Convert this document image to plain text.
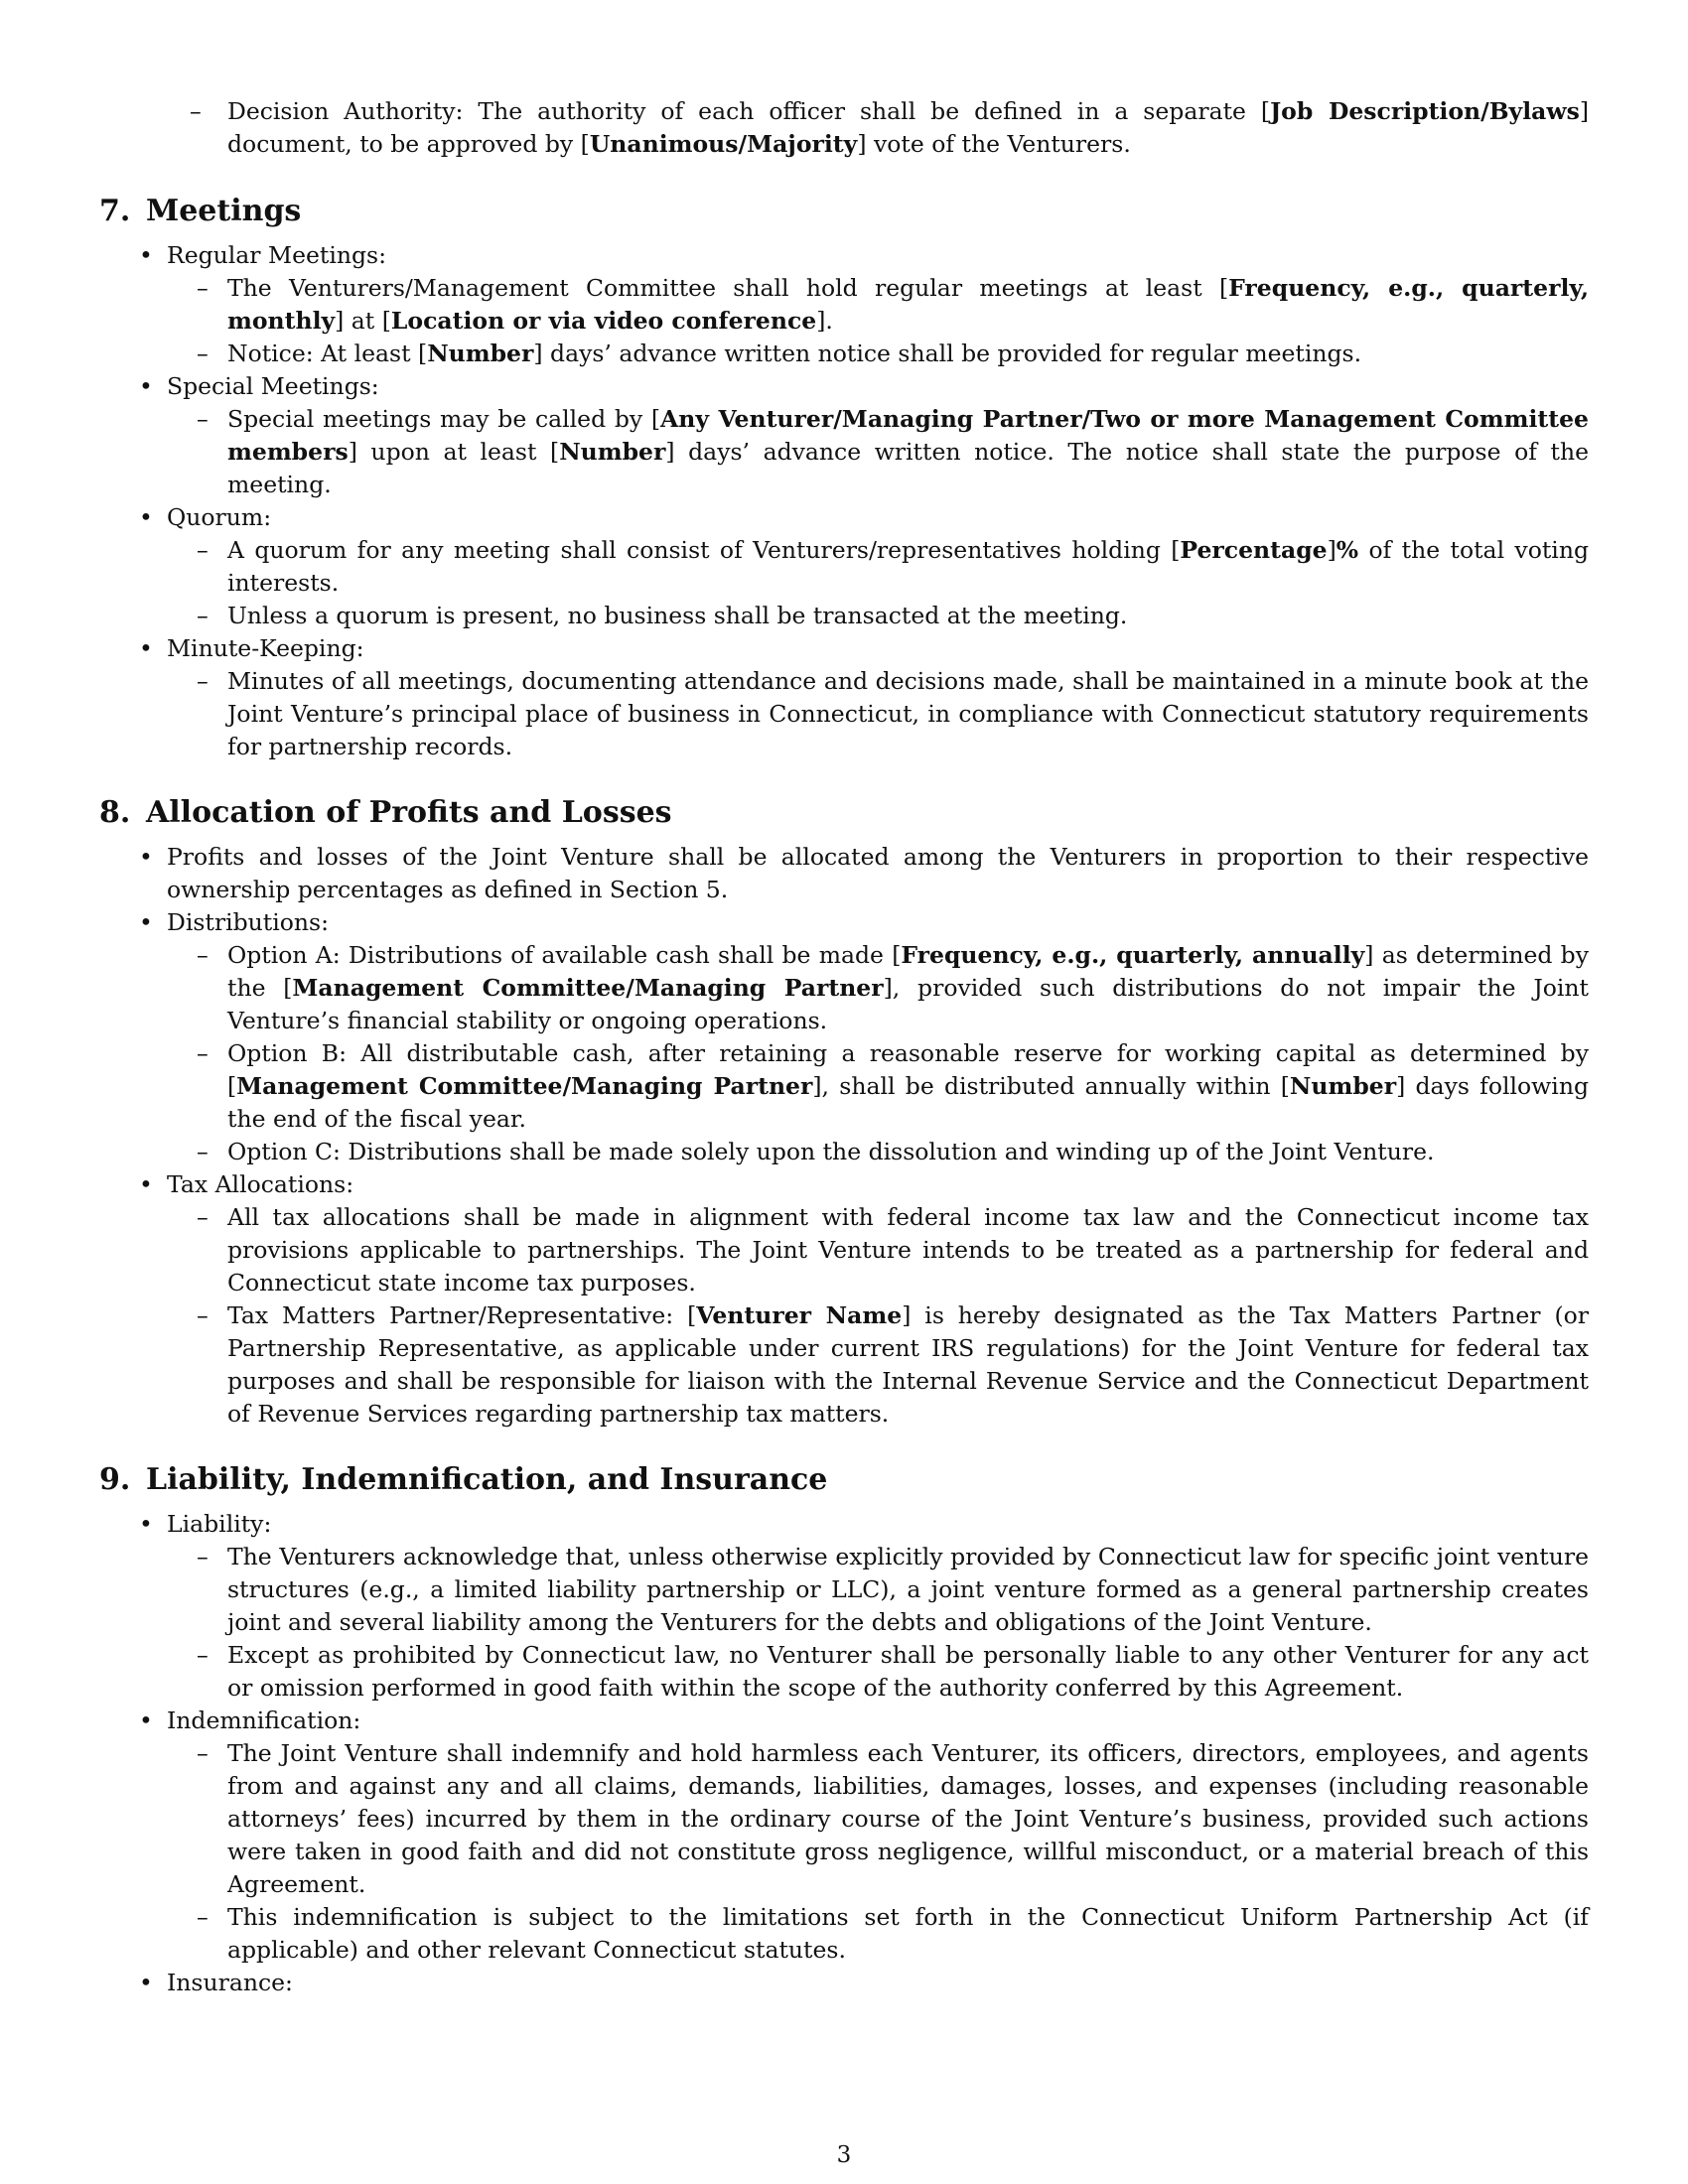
– Decision Authority: The authority of each officer shall be defined in a separate [Job Description/Bylaws] document, to be approved by [Unanimous/Majority] vote of the Venturers.
7. Meetings
• Regular Meetings:
– The Venturers/Management Committee shall hold regular meetings at least [Frequency, e.g., quarterly, monthly] at [Location or via video conference].
– Notice: At least [Number] days’ advance written notice shall be provided for regular meetings.
• Special Meetings:
– Special meetings may be called by [Any Venturer/Managing Partner/Two or more Management Committee members] upon at least [Number] days’ advance written notice. The notice shall state the purpose of the meeting.
• Quorum:
– A quorum for any meeting shall consist of Venturers/representatives holding [Percentage]% of the total voting interests.
– Unless a quorum is present, no business shall be transacted at the meeting.
• Minute-Keeping:
– Minutes of all meetings, documenting attendance and decisions made, shall be maintained in a minute book at the Joint Venture’s principal place of business in Connecticut, in compliance with Connecticut statutory requirements for partnership records.
8. Allocation of Profits and Losses
• Profits and losses of the Joint Venture shall be allocated among the Venturers in proportion to their respective ownership percentages as defined in Section 5.
• Distributions:
– Option A: Distributions of available cash shall be made [Frequency, e.g., quarterly, annually] as determined by the [Management Committee/Managing Partner], provided such distributions do not impair the Joint Venture’s financial stability or ongoing operations.
– Option B: All distributable cash, after retaining a reasonable reserve for working capital as determined by [Management Committee/Managing Partner], shall be distributed annually within [Number] days following the end of the fiscal year.
– Option C: Distributions shall be made solely upon the dissolution and winding up of the Joint Venture.
• Tax Allocations:
– All tax allocations shall be made in alignment with federal income tax law and the Connecticut income tax provisions applicable to partnerships. The Joint Venture intends to be treated as a partnership for federal and Connecticut state income tax purposes.
– Tax Matters Partner/Representative: [Venturer Name] is hereby designated as the Tax Matters Partner (or Partnership Representative, as applicable under current IRS regulations) for the Joint Venture for federal tax purposes and shall be responsible for liaison with the Internal Revenue Service and the Connecticut Department of Revenue Services regarding partnership tax matters.
9. Liability, Indemnification, and Insurance
• Liability:
– The Venturers acknowledge that, unless otherwise explicitly provided by Connecticut law for specific joint venture structures (e.g., a limited liability partnership or LLC), a joint venture formed as a general partnership creates joint and several liability among the Venturers for the debts and obligations of the Joint Venture.
– Except as prohibited by Connecticut law, no Venturer shall be personally liable to any other Venturer for any act or omission performed in good faith within the scope of the authority conferred by this Agreement.
• Indemnification:
– The Joint Venture shall indemnify and hold harmless each Venturer, its officers, directors, employees, and agents from and against any and all claims, demands, liabilities, damages, losses, and expenses (including reasonable attorneys’ fees) incurred by them in the ordinary course of the Joint Venture’s business, provided such actions were taken in good faith and did not constitute gross negligence, willful misconduct, or a material breach of this Agreement.
– This indemnification is subject to the limitations set forth in the Connecticut Uniform Partnership Act (if applicable) and other relevant Connecticut statutes.
• Insurance:
3
